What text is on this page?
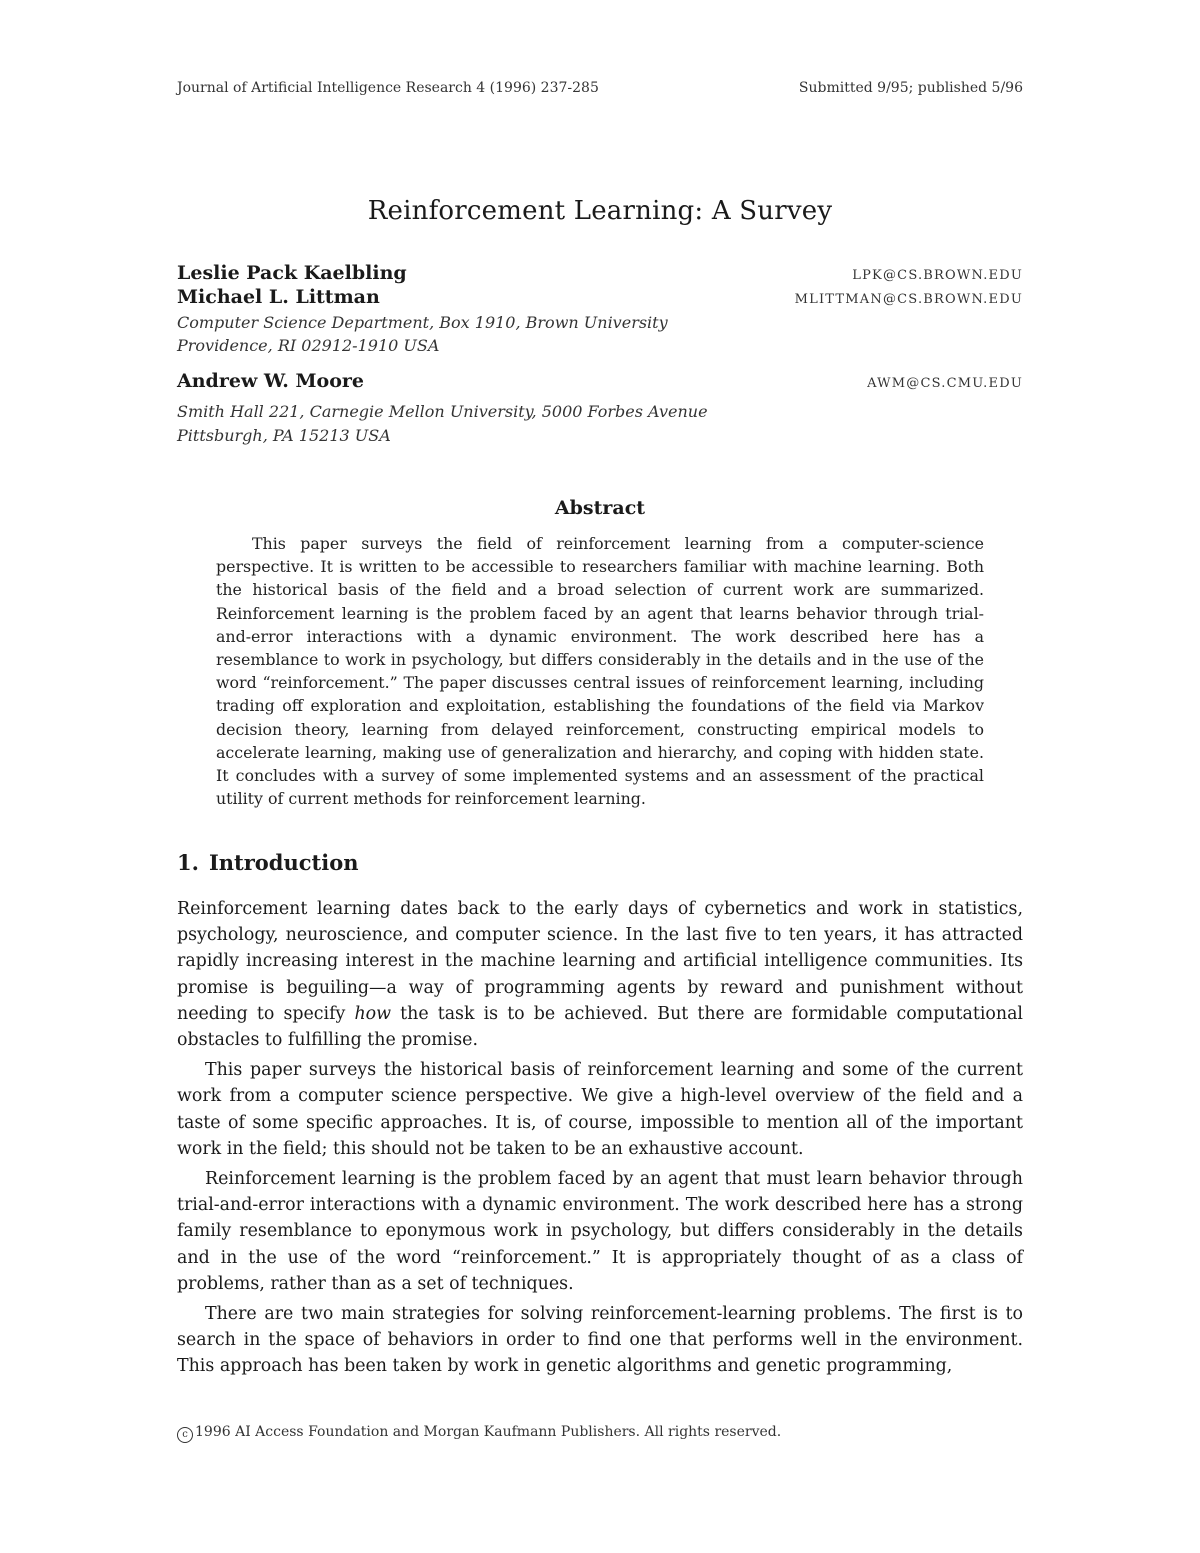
Journal of Artificial Intelligence Research 4 (1996) 237-285	Submitted 9/95; published 5/96
Reinforcement Learning: A Survey
Leslie Pack Kaelbling	LPK@CS.BROWN.EDU
Michael L. Littman	MLITTMAN@CS.BROWN.EDU
Computer Science Department, Box 1910, Brown University
Providence, RI 02912-1910 USA
Andrew W. Moore	AWM@CS.CMU.EDU
Smith Hall 221, Carnegie Mellon University, 5000 Forbes Avenue
Pittsburgh, PA 15213 USA
Abstract
This paper surveys the field of reinforcement learning from a computer-science perspective. It is written to be accessible to researchers familiar with machine learning. Both the historical basis of the field and a broad selection of current work are summarized. Reinforcement learning is the problem faced by an agent that learns behavior through trial-and-error interactions with a dynamic environment. The work described here has a resemblance to work in psychology, but differs considerably in the details and in the use of the word “reinforcement.” The paper discusses central issues of reinforcement learning, including trading off exploration and exploitation, establishing the foundations of the field via Markov decision theory, learning from delayed reinforcement, constructing empirical models to accelerate learning, making use of generalization and hierarchy, and coping with hidden state. It concludes with a survey of some implemented systems and an assessment of the practical utility of current methods for reinforcement learning.
1. Introduction

Reinforcement learning dates back to the early days of cybernetics and work in statistics, psychology, neuroscience, and computer science. In the last five to ten years, it has attracted rapidly increasing interest in the machine learning and artificial intelligence communities. Its promise is beguiling—a way of programming agents by reward and punishment without needing to specify how the task is to be achieved. But there are formidable computational obstacles to fulfilling the promise.

This paper surveys the historical basis of reinforcement learning and some of the current work from a computer science perspective. We give a high-level overview of the field and a taste of some specific approaches. It is, of course, impossible to mention all of the important work in the field; this should not be taken to be an exhaustive account.

Reinforcement learning is the problem faced by an agent that must learn behavior through trial-and-error interactions with a dynamic environment. The work described here has a strong family resemblance to eponymous work in psychology, but differs considerably in the details and in the use of the word “reinforcement.” It is appropriately thought of as a class of problems, rather than as a set of techniques.

There are two main strategies for solving reinforcement-learning problems. The first is to search in the space of behaviors in order to find one that performs well in the environment. This approach has been taken by work in genetic algorithms and genetic programming,

c 1996 AI Access Foundation and Morgan Kaufmann Publishers. All rights reserved.
